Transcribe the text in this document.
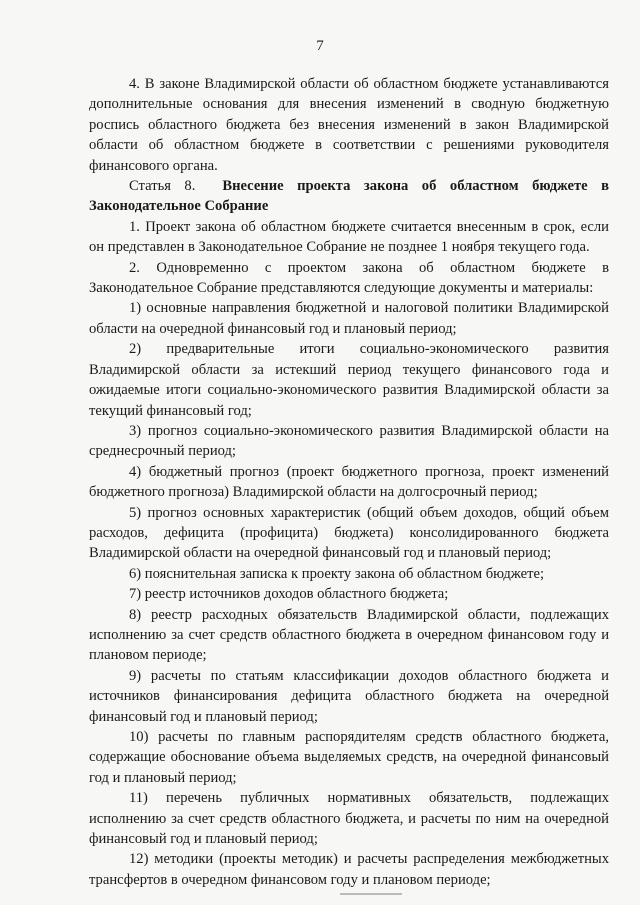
7

4. В законе Владимирской области об областном бюджете устанавливаются дополнительные основания для внесения изменений в сводную бюджетную роспись областного бюджета без внесения изменений в закон Владимирской области об областном бюджете в соответствии с решениями руководителя финансового органа.

Статья 8. Внесение проекта закона об областном бюджете в Законодательное Собрание

1. Проект закона об областном бюджете считается внесенным в срок, если он представлен в Законодательное Собрание не позднее 1 ноября текущего года.

2. Одновременно с проектом закона об областном бюджете в Законодательное Собрание представляются следующие документы и материалы:

1) основные направления бюджетной и налоговой политики Владимирской области на очередной финансовый год и плановый период;

2) предварительные итоги социально-экономического развития Владимирской области за истекший период текущего финансового года и ожидаемые итоги социально-экономического развития Владимирской области за текущий финансовый год;

3) прогноз социально-экономического развития Владимирской области на среднесрочный период;

4) бюджетный прогноз (проект бюджетного прогноза, проект изменений бюджетного прогноза) Владимирской области на долгосрочный период;

5) прогноз основных характеристик (общий объем доходов, общий объем расходов, дефицита (профицита) бюджета) консолидированного бюджета Владимирской области на очередной финансовый год и плановый период;

6) пояснительная записка к проекту закона об областном бюджете;

7) реестр источников доходов областного бюджета;

8) реестр расходных обязательств Владимирской области, подлежащих исполнению за счет средств областного бюджета в очередном финансовом году и плановом периоде;

9) расчеты по статьям классификации доходов областного бюджета и источников финансирования дефицита областного бюджета на очередной финансовый год и плановый период;

10) расчеты по главным распорядителям средств областного бюджета, содержащие обоснование объема выделяемых средств, на очередной финансовый год и плановый период;

11) перечень публичных нормативных обязательств, подлежащих исполнению за счет средств областного бюджета, и расчеты по ним на очередной финансовый год и плановый период;

12) методики (проекты методик) и расчеты распределения межбюджетных трансфертов в очередном финансовом году и плановом периоде;
